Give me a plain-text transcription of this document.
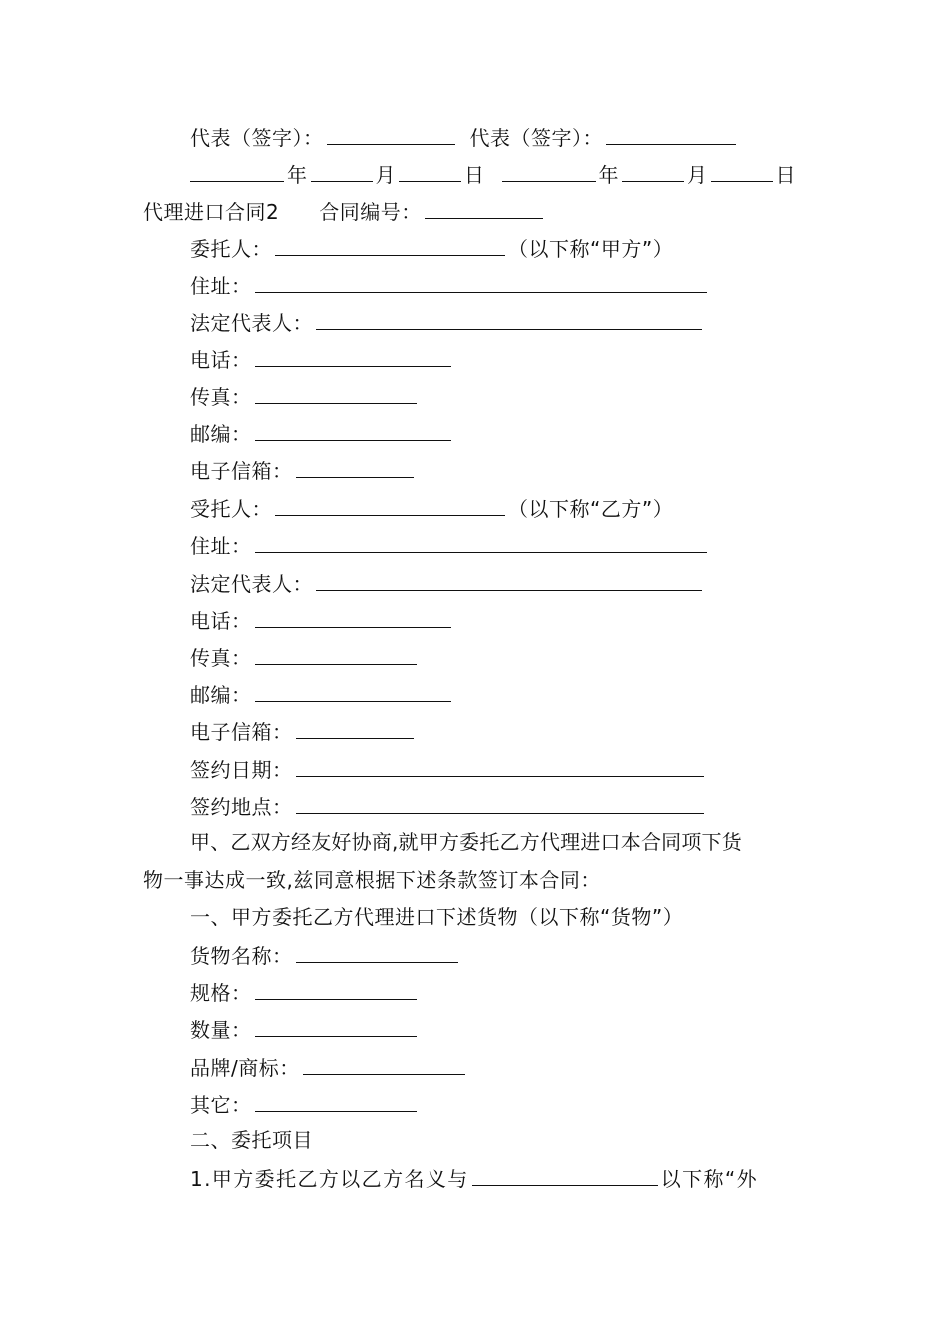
代表（签字）：	代表（签字）：
年	月	日	年	月	日
代理进口合同2 合同编号：
委托人：	（以下称“甲方”）
住址：
法定代表人：
电话：
传真：
邮编：
电子信箱：
受托人：	（以下称“乙方”）
住址：
法定代表人：
电话：
传真：
邮编：
电子信箱：
签约日期：
签约地点：
甲、乙双方经友好协商,就甲方委托乙方代理进口本合同项下货
物一事达成一致,兹同意根据下述条款签订本合同：
一、甲方委托乙方代理进口下述货物（以下称“货物”）
货物名称：
规格：
数量：
品牌/商标：
其它：
二、委托项目
1.甲方委托乙方以乙方名义与	以下称“外
